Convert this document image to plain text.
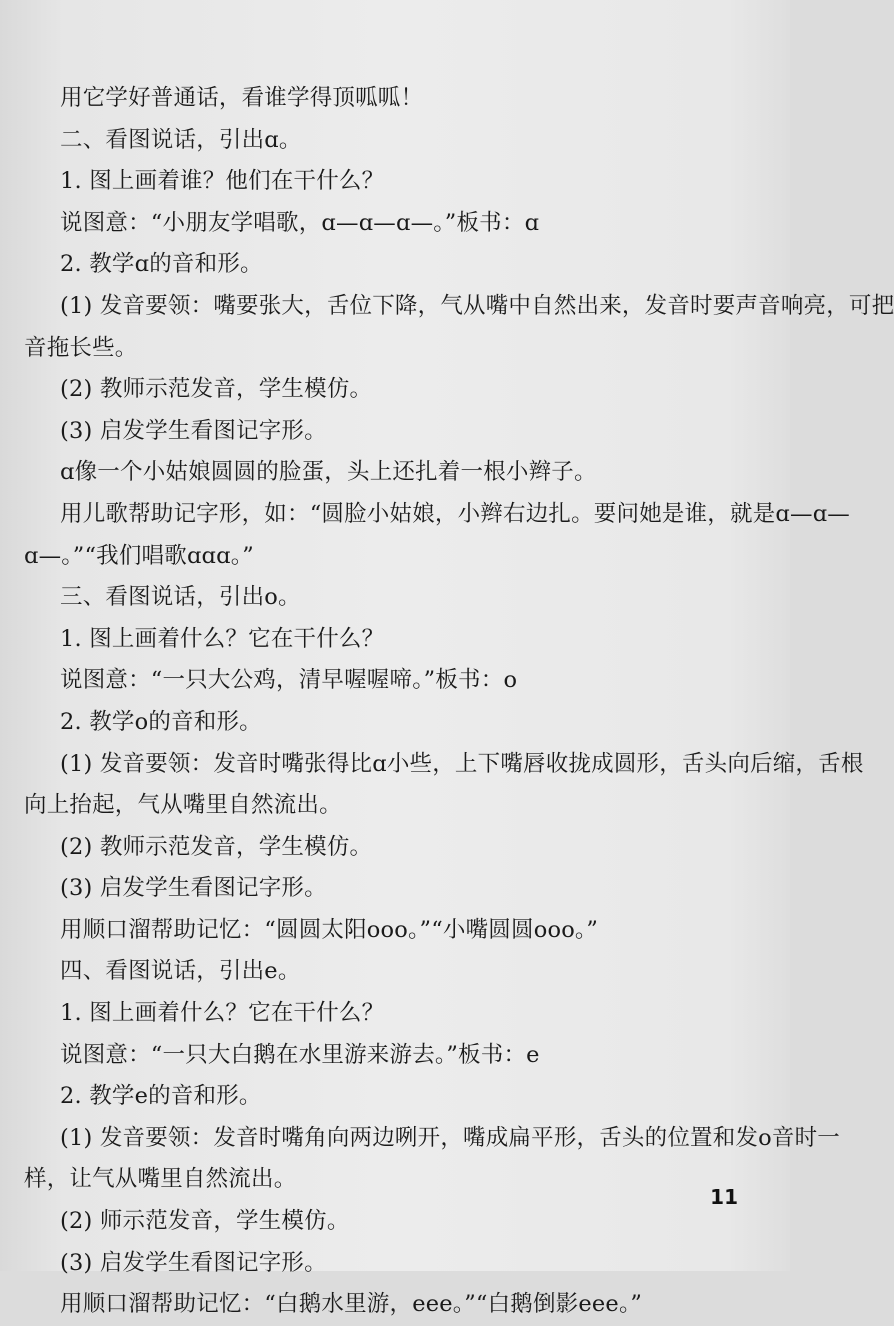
用它学好普通话，看谁学得顶呱呱！
二、看图说话，引出ɑ。
1. 图上画着谁？他们在干什么？
说图意：“小朋友学唱歌，ɑ—ɑ—ɑ—。”板书：ɑ
2. 教学ɑ的音和形。
(1) 发音要领：嘴要张大，舌位下降，气从嘴中自然出来，发音时要声音响亮，可把
音拖长些。
(2) 教师示范发音，学生模仿。
(3) 启发学生看图记字形。
ɑ像一个小姑娘圆圆的脸蛋，头上还扎着一根小辫子。
用儿歌帮助记字形，如：“圆脸小姑娘，小辫右边扎。要问她是谁，就是ɑ—ɑ—
ɑ—。”“我们唱歌ɑɑɑ。”
三、看图说话，引出o。
1. 图上画着什么？它在干什么？
说图意：“一只大公鸡，清早喔喔啼。”板书：o
2. 教学o的音和形。
(1) 发音要领：发音时嘴张得比ɑ小些，上下嘴唇收拢成圆形，舌头向后缩，舌根
向上抬起，气从嘴里自然流出。
(2) 教师示范发音，学生模仿。
(3) 启发学生看图记字形。
用顺口溜帮助记忆：“圆圆太阳ooo。”“小嘴圆圆ooo。”
四、看图说话，引出e。
1. 图上画着什么？它在干什么？
说图意：“一只大白鹅在水里游来游去。”板书：e
2. 教学e的音和形。
(1) 发音要领：发音时嘴角向两边咧开，嘴成扁平形，舌头的位置和发o音时一
样，让气从嘴里自然流出。
(2) 师示范发音，学生模仿。
(3) 启发学生看图记字形。
用顺口溜帮助记忆：“白鹅水里游，eee。”“白鹅倒影eee。”
11
